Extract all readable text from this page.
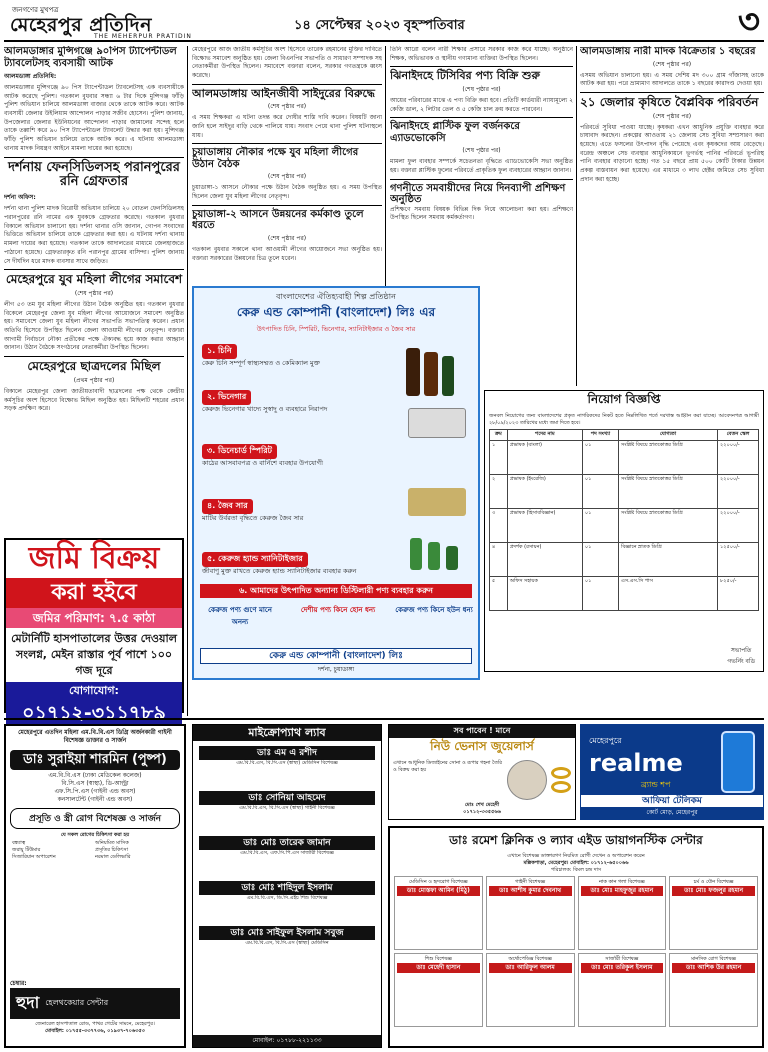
জনগণের মুখপত্র
মেহেরপুর প্রতিদিন
THE MEHERPUR PRATIDIN
১৪ সেপ্টেম্বর ২০২৩ বৃহস্পতিবার	৩
আলমডাঙ্গার মুন্সিগঞ্জে ৯০পিস ট্যাপেন্টাডল ট্যাবলেটসহ ব্যবসায়ী আটক
আলমডাঙ্গা প্রতিনিধি:
আলমডাঙ্গার মুন্সিগঞ্জে ৯০ পিস ট্যাপেন্টাডল ট্যাবলেটসহ এক ব্যবসায়ীকে আটক করেছে পুলিশ। গতকাল বুধবার সন্ধ্যা ৬ টার দিকে মুন্সিগঞ্জ ফাঁড়ি পুলিশ অভিযান চালিয়ে আলমডাঙ্গা বাজার থেকে তাকে আটক করে। আটক ব্যবসায়ী জেলার উইলিয়াম আন্দোলন পাড়ার সজীব হোসেন। পুলিশ জানায়, উপজেলার জেলার ইউনিয়নের আন্দোলন পাড়ার জামালের সন্দেহ হলে তাকে তল্লাশি করে ৯০ পিস ট্যাপেন্টাডল ট্যাবলেট উদ্ধার করা হয়। মুন্সিগঞ্জ ফাঁড়ি পুলিশ অভিযান চালিয়ে তাকে আটক করে। এ ঘটনায় আলমডাঙ্গা থানায় মাদক নিয়ন্ত্রণ আইনে মামলা দায়ের করা হয়েছে।
দর্শনায় ফেনসিডিলসহ পরানপুরের রনি গ্রেফতার
দর্শনা অফিস:
দর্শনা থানা পুলিশ মাদক বিরোধী অভিযান চালিয়ে ২০ বোতল ফেনসিডিলসহ পরানপুরের রনি নামের এক যুবককে গ্রেফতার করেছে। গতকাল বুধবার বিকালে অভিযান চালানো হয়। দর্শনা থানার ওসি জানান, গোপন সংবাদের ভিত্তিতে অভিযান চালিয়ে তাকে গ্রেফতার করা হয়। এ ঘটনায় দর্শনা থানায় মামলা দায়ের করা হয়েছে। গতকাল তাকে আদালতের মাধ্যমে জেলহাজতে পাঠানো হয়েছে। গ্রেফতারকৃত রনি পরানপুর গ্রামের বাসিন্দা। পুলিশ জানায় সে দীর্ঘদিন ধরে মাদক ব্যবসার সাথে জড়িত।
মেহেরপুরে যুব মহিলা লীগের সমাবেশ
(শেষ পৃষ্ঠার পর)
লীগ ৫৩ তম যুব মহিলা লীগের উঠান বৈঠক অনুষ্ঠিত হয়। গতকাল বুধবার বিকেলে মেহেরপুর জেলা যুব মহিলা লীগের আয়োজনে সমাবেশ অনুষ্ঠিত হয়। সমাবেশে জেলা যুব মহিলা লীগের সভাপতি সভাপতিত্ব করেন। প্রধান অতিথি হিসেবে উপস্থিত ছিলেন জেলা আওয়ামী লীগের নেতৃবৃন্দ। বক্তারা আগামী নির্বাচনে নৌকা প্রতীকের পক্ষে ঐক্যবদ্ধ হয়ে কাজ করার আহ্বান জানান। উঠান বৈঠকে সংগঠনের নেতাকর্মীরা উপস্থিত ছিলেন।
মেহেরপুরে ছাত্রদলের মিছিল
(প্রথম পৃষ্ঠার পর)
বিকালে মেহেরপুর জেলা জাতীয়তাবাদী ছাত্রদলের পক্ষ থেকে কেন্দ্রীয় কর্মসূচির অংশ হিসেবে বিক্ষোভ মিছিল অনুষ্ঠিত হয়। মিছিলটি শহরের প্রধান সড়ক প্রদক্ষিণ করে।
জমি বিক্রয়
করা হইবে
জমির পরিমাণ: ৭.৫ কাঠা
মেটার্নিটি হাসপাতালের উত্তর দেওয়াল সংলগ্ন, মেইন রাস্তার পূর্ব পাশে ১০০ গজ দূরে
যোগাযোগ:
০১৭১২-৩১১৭৮৯
মেহেরপুরে আজ জাতীয় কর্মসূচির অংশ হিসেবে তারেক রহমানের মুক্তির দাবিতে বিক্ষোভ সমাবেশ অনুষ্ঠিত হয়। জেলা বিএনপির সভাপতি ও সাধারণ সম্পাদক সহ নেতাকর্মীরা উপস্থিত ছিলেন। সমাবেশে বক্তারা বলেন, সরকার গণতন্ত্রকে ধ্বংস করেছে।
আলমডাঙ্গায় আইনজীবী সাইদুরের বিরুদ্ধে
(শেষ পৃষ্ঠার পর)
এ সময় শিক্ষকরা এ ঘটনা তদন্ত করে দোষীর শাস্তি দাবি করেন। বিষয়টি জানা জানি হলে সাইদুর বাড়ি থেকে পালিয়ে যায়। সংবাদ পেয়ে থানা পুলিশ ঘটনাস্থলে যায়।
চুয়াডাঙ্গায় নৌকার পক্ষে যুব মহিলা লীগের উঠান বৈঠক
(শেষ পৃষ্ঠার পর)
চুয়াডাঙ্গা-১ আসনে নৌকার পক্ষে উঠান বৈঠক অনুষ্ঠিত হয়। এ সময় উপস্থিত ছিলেন জেলা যুব মহিলা লীগের নেতৃবৃন্দ।
চুয়াডাঙ্গা-২ আসনে উন্নয়নের কর্মকাণ্ড তুলে ধরতে
(শেষ পৃষ্ঠার পর)
গতকাল বুধবার সকালে থানা আওয়ামী লীগের আয়োজনে সভা অনুষ্ঠিত হয়। বক্তারা সরকারের উন্নয়নের চিত্র তুলে ধরেন।
তিনি আরো বলেন নারী শিক্ষার প্রসারে সরকার কাজ করে যাচ্ছে। অনুষ্ঠানে শিক্ষক, অভিভাবক ও স্থানীয় গণ্যমান্য ব্যক্তিরা উপস্থিত ছিলেন।
ঝিনাইদহে টিসিবির পণ্য বিক্রি শুরু
(শেষ পৃষ্ঠার পর)
আয়ের পরিবারের মাঝে এ পণ্য বিক্রি করা হবে। প্রতিটি কার্ডধারী ন্যায্যমূল্যে ২ কেজি ডাল, ২ লিটার তেল ও ৫ কেজি চাল ক্রয় করতে পারবেন।
ঝিনাইদহে প্লাস্টিক ফুল বর্জনকরে এ্যাডভোকেসি
(শেষ পৃষ্ঠার পর)
মামলা ফুল ব্যবহার সম্পর্কে সচেতনতা বৃদ্ধিতে এ্যাডভোকেসি সভা অনুষ্ঠিত হয়। বক্তারা প্লাস্টিক ফুলের পরিবর্তে প্রাকৃতিক ফুল ব্যবহারের আহ্বান জানান।
গণনীতে সমবায়ীদের নিয়ে দিনব্যাপী প্রশিক্ষণ অনুষ্ঠিত
প্রশিক্ষণে সমবায় বিষয়ক বিভিন্ন দিক নিয়ে আলোচনা করা হয়। প্রশিক্ষণে উপস্থিত ছিলেন সমবায় কর্মকর্তাগণ।
আলমডাঙ্গায় নারী মাদক বিক্রেতার ১ বছরের
(শেষ পৃষ্ঠার পর)
এসময় অভিযান চালানো হয়। এ সময় দেশিয় মদ ৩০০ গ্রাম গাঁজাসহ তাকে আটক করা হয়। পরে ভ্রাম্যমাণ আদালতে তাকে ১ বছরের কারাদণ্ড দেওয়া হয়।
২১ জেলার কৃষিতে বৈপ্লবিক পরিবর্তন
(শেষ পৃষ্ঠার পর)
পরিবর্তে সুবিধা পাওয়া যাচ্ছে। কৃষকরা এখন আধুনিক প্রযুক্তি ব্যবহার করে চাষাবাদ করছেন। প্রকল্পের আওতায় ২১ জেলায় সেচ সুবিধা সম্প্রসারণ করা হয়েছে। এতে ফসলের উৎপাদন বৃদ্ধি পেয়েছে এবং কৃষকদের আয় বেড়েছে। বরেন্দ্র অঞ্চলে সেচ ব্যবস্থার আধুনিকায়নে ভূগর্ভস্থ পানির পরিবর্তে ভূপরিস্থ পানি ব্যবহার বাড়ানো হচ্ছে। গত ১৫ বছরে প্রায় ৫০০ কোটি টাকার উন্নয়ন প্রকল্প বাস্তবায়ন করা হয়েছে। এর মাধ্যমে ৩ লাখ হেক্টর জমিতে সেচ সুবিধা প্রদান করা হচ্ছে।
বাংলাদেশের ঐতিহ্যবাহী শিল্প প্রতিষ্ঠান
কেরু এন্ড কোম্পানী (বাংলাদেশ) লিঃ এর
উৎপাদিত চিনি, স্পিরিট, ভিনেগার, স্যানিটাইজার ও জৈব সার
১. চিনি
কেরু চিনি সম্পূর্ণ স্বাস্থ্যসম্মত ও কেমিক্যাল মুক্ত
২. ভিনেগার
কেরুজ ভিনেগার খাদ্যে সুস্বাদু ও ব্যবহারে নিরাপদ
৩. ডিনেচার্ড স্পিরিট
কাঠের আসবাবপত্র ও বার্নিশে ব্যবহার উপযোগী
৪. জৈব সার
মাটির উর্বরতা বৃদ্ধিতে কেরুজ জৈব সার
৫. কেরুজ হ্যান্ড স্যানিটাইজার
জীবাণু মুক্ত রাখতে কেরুজ হ্যান্ড স্যানিটাইজার ব্যবহার করুন
৬. আমাদের উৎপাদিত অন্যান্য ডিস্টিলারী পণ্য ব্যবহার করুন
কেরুজ পণ্য গুণে মানে অনন্য
দেশীয় পণ্য কিনে হোন ধন্য	কেরুজ পণ্য কিনে হউন ধন্য
কেরু এন্ড কোম্পানী (বাংলাদেশ) লিঃ
দর্শনা, চুয়াডাঙ্গা
নিয়োগ বিজ্ঞপ্তি
জনবল নিয়োগের জন্য বাংলাদেশের প্রকৃত নাগরিকদের নিকট হতে নিম্নলিখিত শর্তে দরখাস্ত আহ্বান করা যাচ্ছে। আবেদনপত্র আগামী ২৮/০৯/২০২৩ তারিখের মধ্যে জমা দিতে হবে।
ক্রম	পদের নাম	পদ সংখ্যা	যোগ্যতা	বেতন স্কেল
১	প্রভাষক (বাংলা)	০১	সংশ্লিষ্ট বিষয়ে স্নাতকোত্তর ডিগ্রি	২২০০০/-
২	প্রভাষক (ইংরেজি)	০১	সংশ্লিষ্ট বিষয়ে স্নাতকোত্তর ডিগ্রি	২২০০০/-
৩	প্রভাষক (হিসাববিজ্ঞান)	০১	সংশ্লিষ্ট বিষয়ে স্নাতকোত্তর ডিগ্রি	২২০০০/-
৪	প্রদর্শক (রসায়ন)	০১	বিজ্ঞানে স্নাতক ডিগ্রি	১২৫০০/-
৫	অফিস সহায়ক	০১	এস.এস.সি পাস	৮২৫০/-
সভাপতি
গভর্নিং বডি
মেহেরপুরে এতদিন মহিলা এম.বি.বি.এস ডিগ্রি অর্জনকারী গাইনী বিশেষজ্ঞ ডাক্তার ও সার্জন
ডাঃ সুরাইয়া শারমিন (পুষ্প)
এম.বি.বি.এস (ঢাকা মেডিকেল কলেজ)
বি.সি.এস (স্বাস্থ্য), ডি-আল্ট্রা
এফ.সি.পি.এস (গাইনী এন্ড অবস)
কনসালটেন্ট (গাইনী এন্ড অবস)
প্রসূতি ও স্ত্রী রোগ বিশেষজ্ঞ ও সার্জন
যে সকল রোগের চিকিৎসা করা হয়
বন্ধ্যাত্ব	অনিয়মিত মাসিক
জরায়ু টিউমার	প্রসূতির চিকিৎসা
সিজারিয়ান অপারেশন	নরমাল ডেলিভারি
চেম্বার:
হুদা হেলথকেয়ার সেন্টার
জেনারেল হাসপাতাল রোড, পাথর গেটের সামনে, মেহেরপুর।
মোবাইল: ০১৭৫৫-৩৩৭৭৩৬, ০১৯৩৭-৭০৬৩৫৩
মাইক্রোপ্যাথ ল্যাব
ডাঃ এম এ রশীদ
এম.বি.বি.এস, বি.সি.এস (স্বাস্থ্য) মেডিসিন বিশেষজ্ঞ
ডাঃ সোনিয়া আহমেদ
এম.বি.বি.এস, বি.সি.এস (স্বাস্থ্য) গাইনী বিশেষজ্ঞ
ডাঃ মোঃ তারেক জামান
এম.বি.বি.এস, এফ.সি.পি.এস সার্জারী বিশেষজ্ঞ
ডাঃ মোঃ শাহিদুল ইসলাম
এম.বি.বি.এস, ডি.সি.এইচ শিশু বিশেষজ্ঞ
ডাঃ মোঃ সাইফুল ইসলাম সবুজ
এম.বি.বি.এস, বি.সি.এস (স্বাস্থ্য) মেডিসিন
মোবাইল: ০১৭৮৮-২২১১৩৩
সব পাবেন ! মানে
নিউ ভেনাস জুয়েলার্স
এখানে আধুনিক ডিজাইনের সোনা ও রূপার গহনা তৈরি ও বিক্রয় করা হয়
মোঃ শেখ মেহেদী
০১৭১২-৩৩৫৫৬৬
মেহেরপুরে
realme
ব্র্যান্ড শপ
আফিয়া টেলিকম
কোর্ট মোড়, মেহেরপুর
ডাঃ রমেশ ক্লিনিক ও ল্যাব এইড ডায়াগনস্টিক সেন্টার
এখানে বিশেষজ্ঞ ডাক্তারগণ নিয়মিত রোগী দেখেন ও অপারেশন করেন
মল্লিকপাড়া, মেহেরপুর। মোবাইল: ০১৭১২-৬৫০০৬৬
পরিচালক: বিমল চন্দ্র দাস
মেডিসিন ও হৃদরোগ বিশেষজ্ঞ
ডাঃ মোস্তফা আমিন (মিঠু)
গাইনী বিশেষজ্ঞ
ডাঃ আশীষ কুমার দেবনাথ
নাক কান গলা বিশেষজ্ঞ
ডাঃ মোঃ মাহফুজুর রহমান
চর্ম ও যৌন বিশেষজ্ঞ
ডাঃ মোঃ ফজলুর রহমান
শিশু বিশেষজ্ঞ
ডাঃ মেহেদী হাসান
অর্থোপেডিক্স বিশেষজ্ঞ
ডাঃ আরিফুল আলম
সার্জারী বিশেষজ্ঞ
ডাঃ মোঃ তরিকুল ইসলাম
মানসিক রোগ বিশেষজ্ঞ
ডাঃ আশিক উর রহমান
